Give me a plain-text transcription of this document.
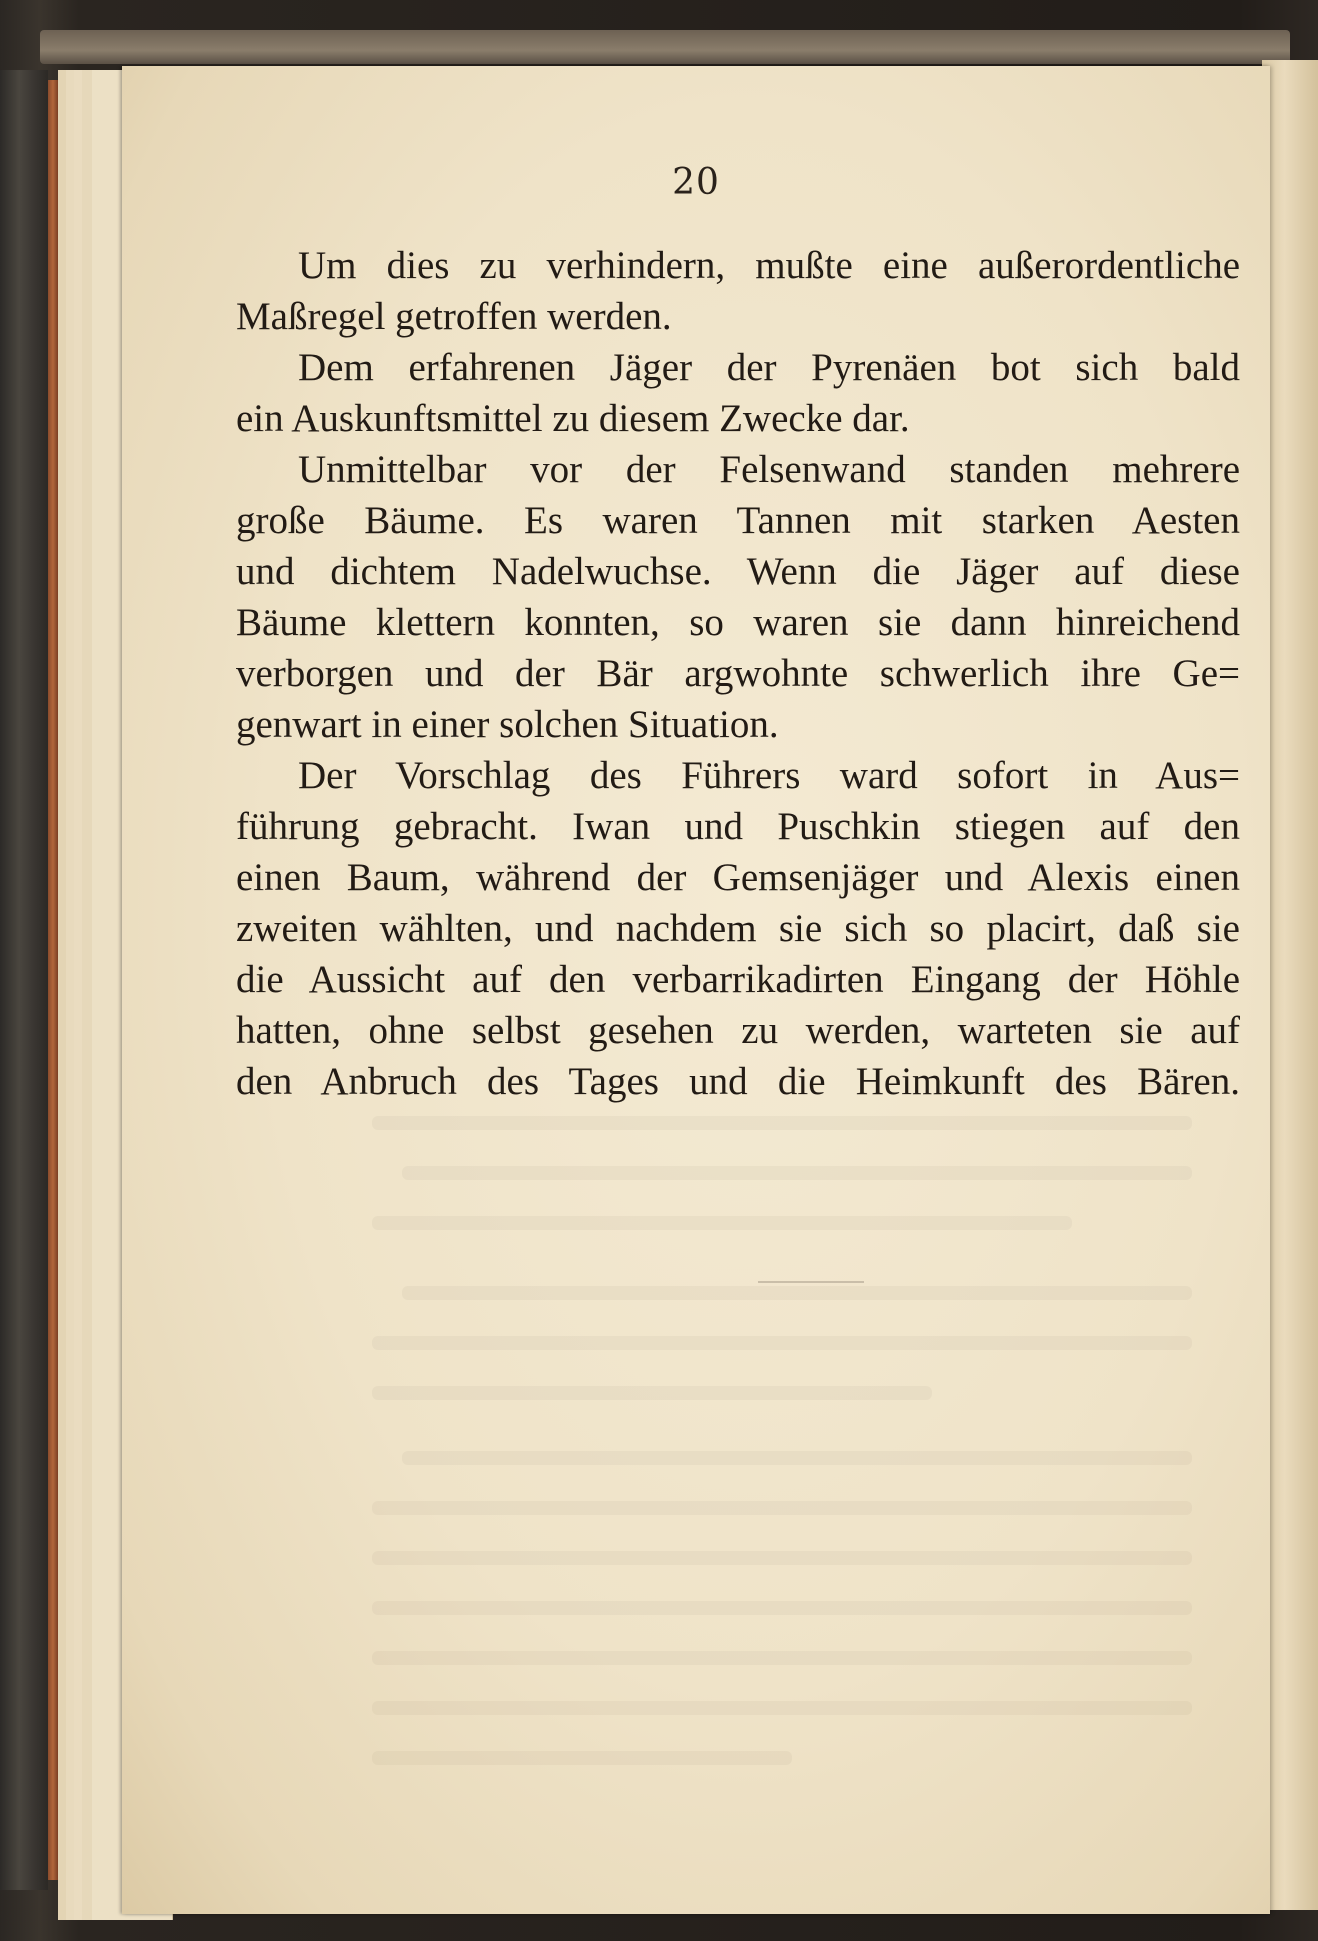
20
Um dies zu verhindern, mußte eine außerordentliche
Maßregel getroffen werden.
Dem erfahrenen Jäger der Pyrenäen bot sich bald
ein Auskunftsmittel zu diesem Zwecke dar.
Unmittelbar vor der Felsenwand standen mehrere
große Bäume. Es waren Tannen mit starken Aesten
und dichtem Nadelwuchse. Wenn die Jäger auf diese
Bäume klettern konnten, so waren sie dann hinreichend
verborgen und der Bär argwohnte schwerlich ihre Ge=
genwart in einer solchen Situation.
Der Vorschlag des Führers ward sofort in Aus=
führung gebracht. Iwan und Puschkin stiegen auf den
einen Baum, während der Gemsenjäger und Alexis einen
zweiten wählten, und nachdem sie sich so placirt, daß sie
die Aussicht auf den verbarrikadirten Eingang der Höhle
hatten, ohne selbst gesehen zu werden, warteten sie auf
den Anbruch des Tages und die Heimkunft des Bären.
